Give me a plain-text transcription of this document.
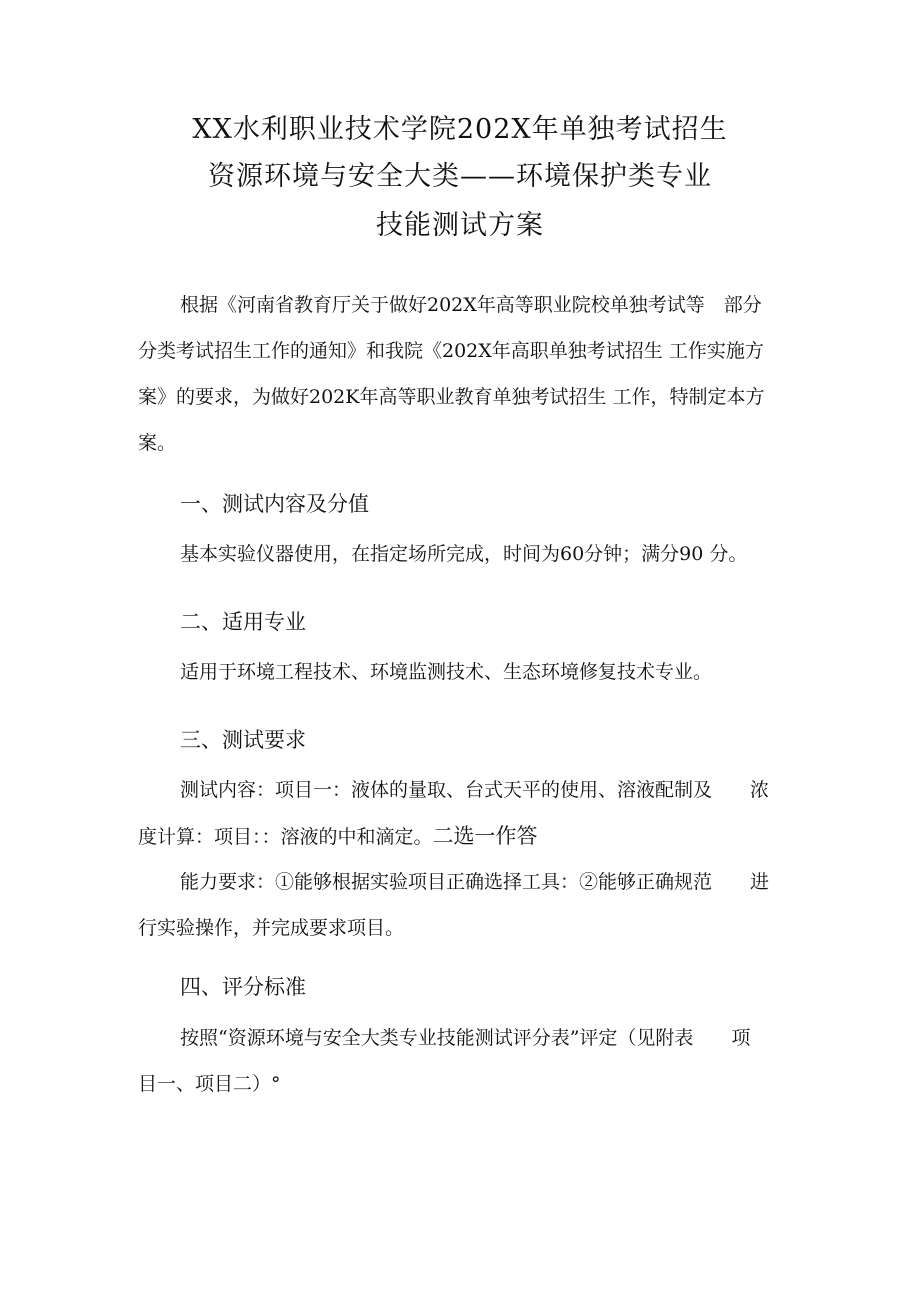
XX水利职业技术学院202X年单独考试招生
资源环境与安全大类——环境保护类专业
技能测试方案
根据《河南省教育厅关于做好202X年高等职业院校单独考试等　部分
分类考试招生工作的通知》和我院《202X年高职单独考试招生 工作实施方
案》的要求，为做好202K年高等职业教育单独考试招生 工作，特制定本方
案。
一、测试内容及分值
基本实验仪器使用，在指定场所完成，时间为60分钟；满分90 分。
二、适用专业
适用于环境工程技术、环境监测技术、生态环境修复技术专业。
三、测试要求
测试内容：项目一：液体的量取、台式天平的使用、溶液配制及　　浓
度计算：项目：：溶液的中和滴定。二选一作答
能力要求：①能够根据实验项目正确选择工具：②能够正确规范　　进
行实验操作，并完成要求项目。
四、评分标准
按照“资源环境与安全大类专业技能测试评分表”评定（见附表　　项
目一、项目二）°
